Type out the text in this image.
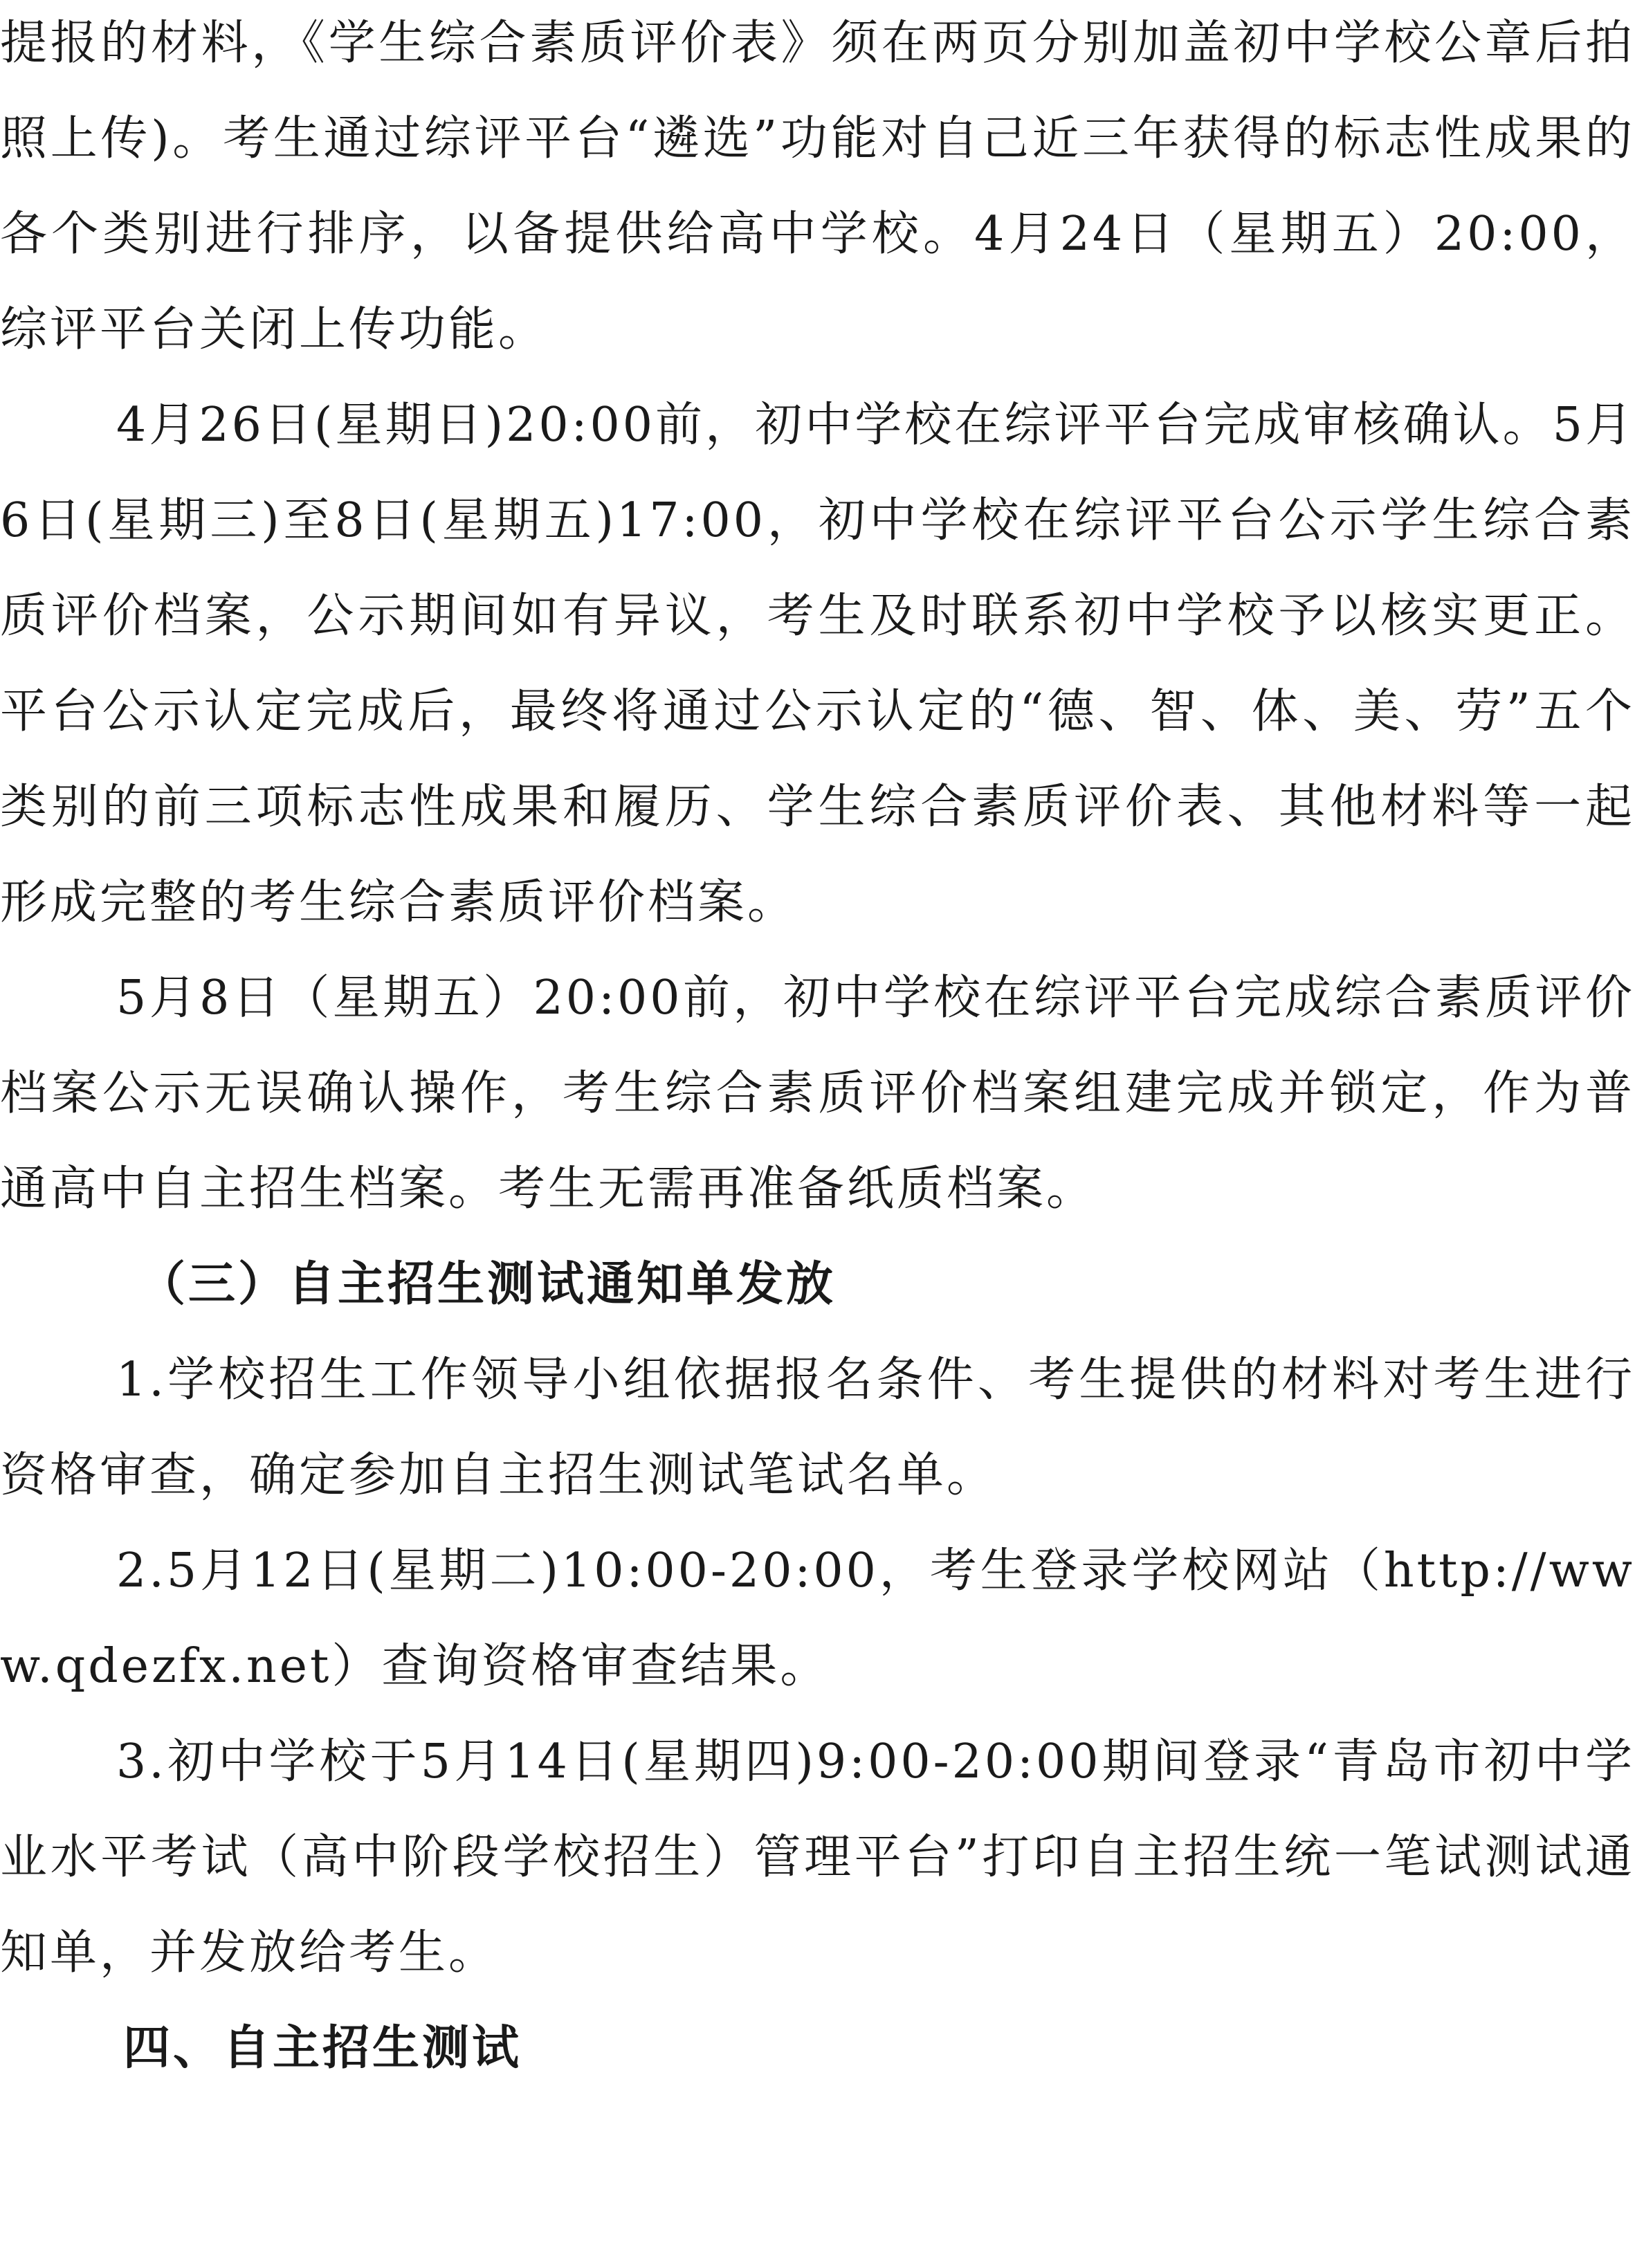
提报的材料，《学生综合素质评价表》须在两页分别加盖初中学校公章后拍照上传)。考生通过综评平台“遴选”功能对自己近三年获得的标志性成果的各个类别进行排序，以备提供给高中学校。4月24日（星期五）20:00，综评平台关闭上传功能。

4月26日(星期日)20:00前，初中学校在综评平台完成审核确认。5月6日(星期三)至8日(星期五)17:00，初中学校在综评平台公示学生综合素质评价档案，公示期间如有异议，考生及时联系初中学校予以核实更正。平台公示认定完成后，最终将通过公示认定的“德、智、体、美、劳”五个类别的前三项标志性成果和履历、学生综合素质评价表、其他材料等一起形成完整的考生综合素质评价档案。

5月8日（星期五）20:00前，初中学校在综评平台完成综合素质评价档案公示无误确认操作，考生综合素质评价档案组建完成并锁定，作为普通高中自主招生档案。考生无需再准备纸质档案。

（三）自主招生测试通知单发放

1.学校招生工作领导小组依据报名条件、考生提供的材料对考生进行资格审查，确定参加自主招生测试笔试名单。

2.5月12日(星期二)10:00-20:00，考生登录学校网站（http://www.qdezfx.net）查询资格审查结果。

3.初中学校于5月14日(星期四)9:00-20:00期间登录“青岛市初中学业水平考试（高中阶段学校招生）管理平台”打印自主招生统一笔试测试通知单，并发放给考生。

四、自主招生测试
